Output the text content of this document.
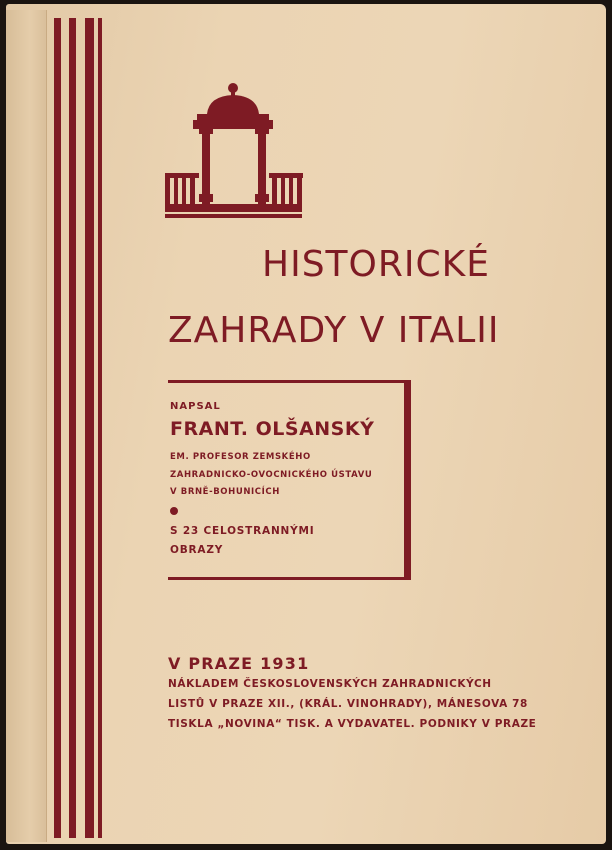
HISTORICKÉ
ZAHRADY V ITALII
NAPSAL
FRANT. OLŠANSKÝ
EM. PROFESOR ZEMSKÉHO
ZAHRADNICKO-OVOCNICKÉHO ÚSTAVU
V BRNĚ-BOHUNICÍCH
S 23 CELOSTRANNÝMI
OBRAZY
V PRAZE 1931
NÁKLADEM ČESKOSLOVENSKÝCH ZAHRADNICKÝCH
LISTŮ V PRAZE XII., (KRÁL. VINOHRADY), MÁNESOVA 78
TISKLA „NOVINA“ TISK. A VYDAVATEL. PODNIKY V PRAZE
